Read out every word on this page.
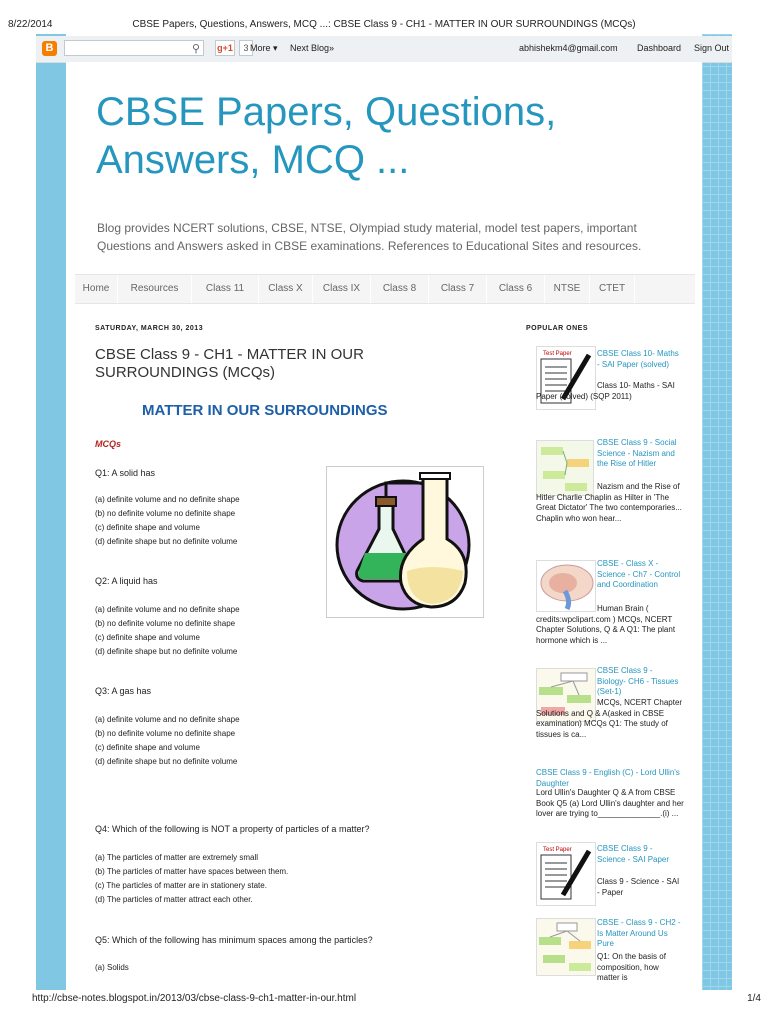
8/22/2014	CBSE Papers, Questions, Answers, MCQ ...: CBSE Class 9 - CH1 - MATTER IN OUR SURROUNDINGS (MCQs)
B	⚲ g+1	3 More ▾ Next Blog»	abhishekm4@gmail.com Dashboard Sign Out
CBSE Papers, Questions, Answers, MCQ ...
Blog provides NCERT solutions, CBSE, NTSE, Olympiad study material, model test papers, important Questions and Answers asked in CBSE examinations. References to Educational Sites and resources.
Home	Resources	Class 11	Class X	Class IX	Class 8	Class 7	Class 6	NTSE	CTET
SATURDAY, MARCH 30, 2013
CBSE Class 9 - CH1 - MATTER IN OUR SURROUNDINGS (MCQs)
MATTER IN OUR SURROUNDINGS
MCQs
Q1: A solid has
(a) definite volume and no definite shape
(b) no definite volume no definite shape
(c) definite shape and volume
(d) definite shape but no definite volume
Q2: A liquid has
(a) definite volume and no definite shape
(b) no definite volume no definite shape
(c) definite shape and volume
(d) definite shape but no definite volume
Q3: A gas has
(a) definite volume and no definite shape
(b) no definite volume no definite shape
(c) definite shape and volume
(d) definite shape but no definite volume
Q4: Which of the following is NOT a property of particles of a matter?
(a) The particles of matter are extremely small
(b) The particles of matter have spaces between them.
(c) The particles of matter are in stationery state.
(d) The particles of matter attract each other.
Q5: Which of the following has minimum spaces among the particles?
(a) Solids
POPULAR ONES
Test Paper	CBSE Class 10- Maths - SAI Paper (solved)
Class 10- Maths - SAI Paper (solved) (SQP 2011)
CBSE Class 9 - Social Science - Nazism and the Rise of Hitler
Nazism and the Rise of Hitler Charlie Chaplin as Hilter in 'The Great Dictator' The two contemporaries... Chaplin who won hear...
CBSE - Class X - Science - Ch7 - Control and Coordination
Human Brain ( credits:wpclipart.com ) MCQs, NCERT Chapter Solutions, Q & A Q1: The plant hormone which is ...
CBSE Class 9 - Biology- CH6 - Tissues (Set-1)
MCQs, NCERT Chapter Solutions and Q & A(asked in CBSE examination) MCQs Q1: The study of tissues is ca...
CBSE Class 9 - English (C) - Lord Ullin's Daughter
Lord Ullin's Daughter Q & A from CBSE Book Q5 (a) Lord Ullin's daughter and her lover are trying to______________.(i) ...
Test Paper	CBSE Class 9 - Science - SAI Paper
Class 9 - Science - SAI - Paper
CBSE - Class 9 - CH2 - Is Matter Around Us Pure
Q1: On the basis of composition, how matter is
http://cbse-notes.blogspot.in/2013/03/cbse-class-9-ch1-matter-in-our.html	1/4
